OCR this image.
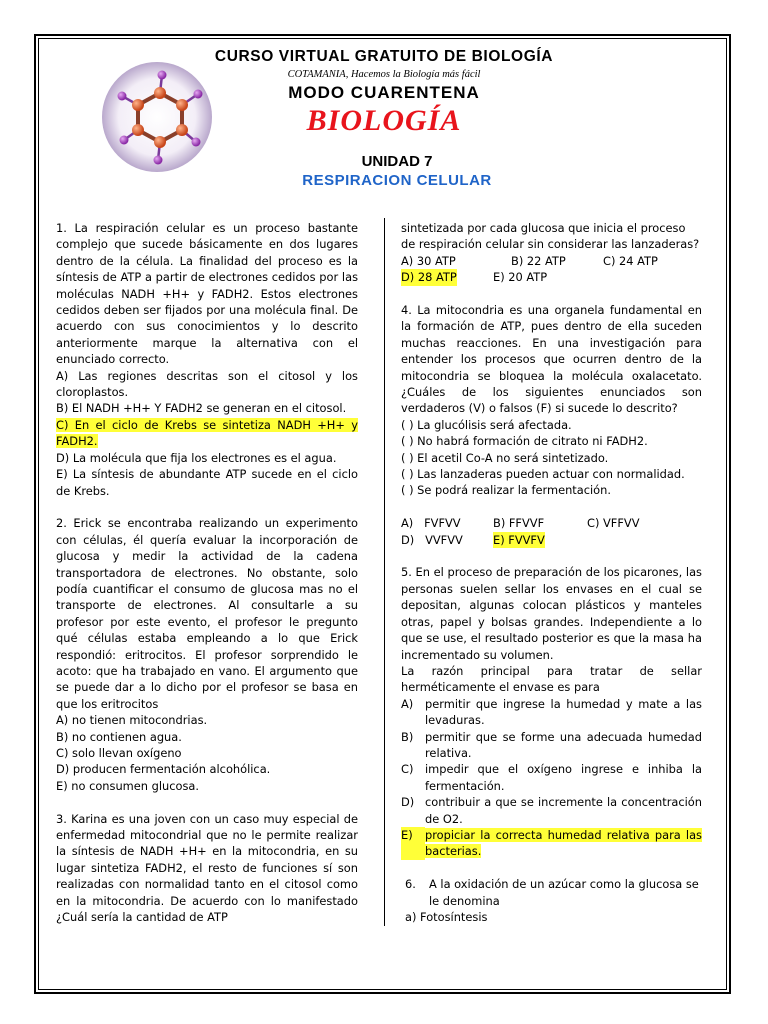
CURSO VIRTUAL GRATUITO DE BIOLOGÍA
COTAMANIA, Hacemos la Biología más fácil
MODO CUARENTENA
BIOLOGÍA
UNIDAD 7
RESPIRACION CELULAR

1. La respiración celular es un proceso bastante complejo que sucede básicamente en dos lugares dentro de la célula. La finalidad del proceso es la síntesis de ATP a partir de electrones cedidos por las moléculas NADH +H+ y FADH2. Estos electrones cedidos deben ser fijados por una molécula final. De acuerdo con sus conocimientos y lo descrito anteriormente marque la alternativa con el enunciado correcto.

A) Las regiones descritas son el citosol y los cloroplastos.

B) El NADH +H+ Y FADH2 se generan en el citosol.

C) En el ciclo de Krebs se sintetiza NADH +H+ y FADH2.

D) La molécula que fija los electrones es el agua.

E) La síntesis de abundante ATP sucede en el ciclo de Krebs.

2. Erick se encontraba realizando un experimento con células, él quería evaluar la incorporación de glucosa y medir la actividad de la cadena transportadora de electrones. No obstante, solo podía cuantificar el consumo de glucosa mas no el transporte de electrones. Al consultarle a su profesor por este evento, el profesor le pregunto qué células estaba empleando a lo que Erick respondió: eritrocitos. El profesor sorprendido le acoto: que ha trabajado en vano. El argumento que se puede dar a lo dicho por el profesor se basa en que los eritrocitos

A) no tienen mitocondrias.

B) no contienen agua.

C) solo llevan oxígeno

D) producen fermentación alcohólica.

E) no consumen glucosa.

3. Karina es una joven con un caso muy especial de enfermedad mitocondrial que no le permite realizar la síntesis de NADH +H+ en la mitocondria, en su lugar sintetiza FADH2, el resto de funciones sí son realizadas con normalidad tanto en el citosol como en la mitocondria. De acuerdo con lo manifestado ¿Cuál sería la cantidad de ATP

sintetizada por cada glucosa que inicia el proceso de respiración celular sin considerar las lanzaderas?

A) 30 ATP	B) 22 ATP	C) 24 ATP
D) 28 ATP	E) 20 ATP

4. La mitocondria es una organela fundamental en la formación de ATP, pues dentro de ella suceden muchas reacciones. En una investigación para entender los procesos que ocurren dentro de la mitocondria se bloquea la molécula oxalacetato. ¿Cuáles de los siguientes enunciados son verdaderos (V) o falsos (F) si sucede lo descrito?

( ) La glucólisis será afectada.

( ) No habrá formación de citrato ni FADH2.

( ) El acetil Co-A no será sintetizado.

( ) Las lanzaderas pueden actuar con normalidad.

( ) Se podrá realizar la fermentación.

A)   FVFVV	B) FFVVF	C) VFFVV
D)   VVFVV	E) FVVFV

5. En el proceso de preparación de los picarones, las personas suelen sellar los envases en el cual se depositan, algunas colocan plásticos y manteles otras, papel y bolsas grandes. Independiente a lo que se use, el resultado posterior es que la masa ha incrementado su volumen.

La razón principal para tratar de sellar herméticamente el envase es para

A)	permitir que ingrese la humedad y mate a las levaduras.
B)	permitir que se forme una adecuada humedad relativa.
C)	impedir que el oxígeno ingrese e inhiba la fermentación.
D) contribuir a que se incremente la concentración de O2.
E)	propiciar la correcta humedad relativa para las bacterias.
6.	A la oxidación de un azúcar como la glucosa se le denomina

a) Fotosíntesis
